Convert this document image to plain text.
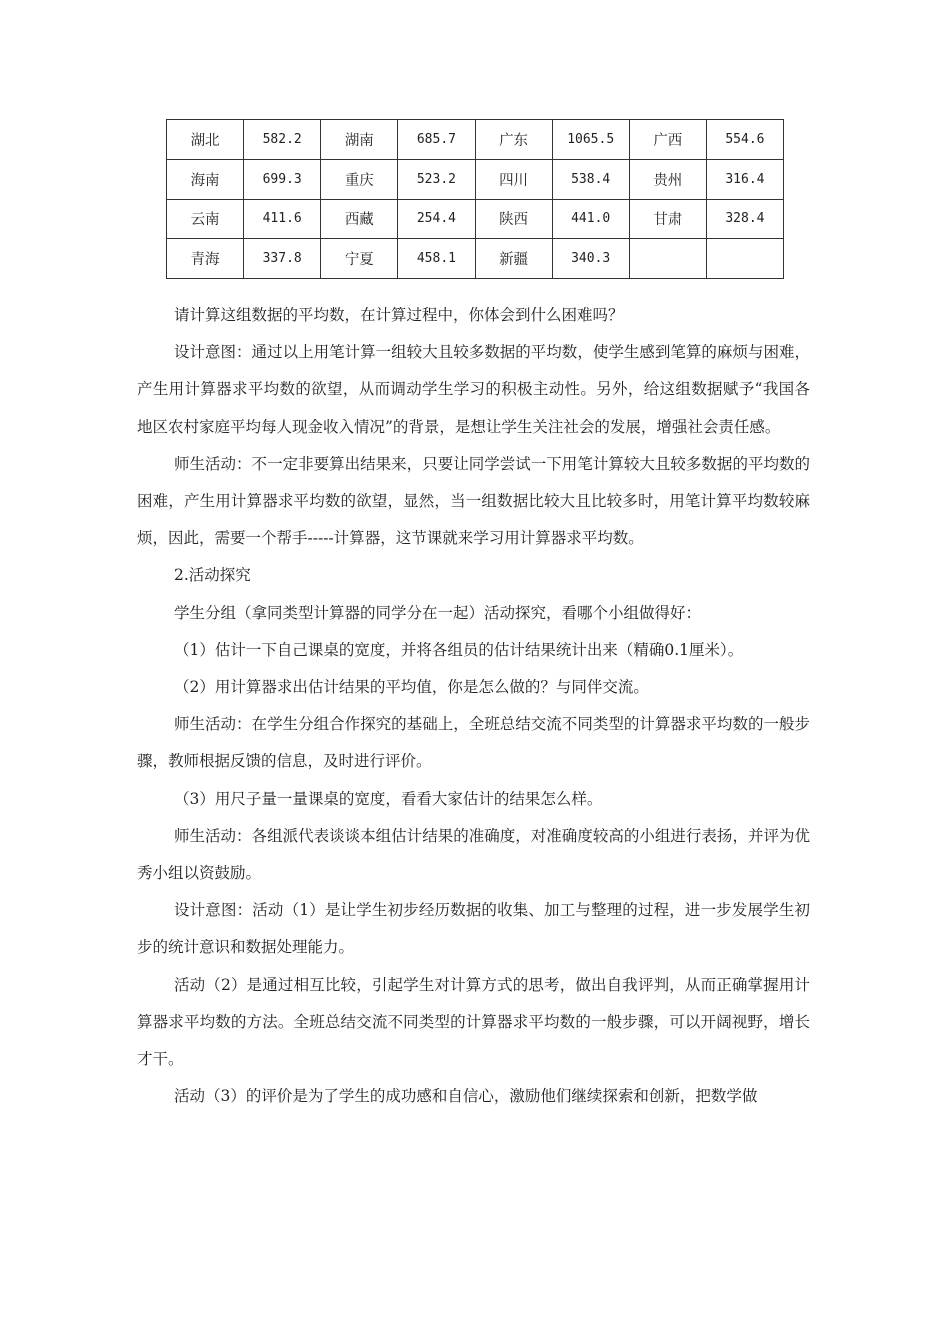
湖北	582.2	湖南	685.7	广东	1065.5	广西	554.6
海南	699.3	重庆	523.2	四川	538.4	贵州	316.4
云南	411.6	西藏	254.4	陕西	441.0	甘肃	328.4
青海	337.8	宁夏	458.1	新疆	340.3		

请计算这组数据的平均数，在计算过程中，你体会到什么困难吗？

设计意图：通过以上用笔计算一组较大且较多数据的平均数，使学生感到笔算的麻烦与困难，产生用计算器求平均数的欲望，从而调动学生学习的积极主动性。另外，给这组数据赋予“我国各地区农村家庭平均每人现金收入情况”的背景，是想让学生关注社会的发展，增强社会责任感。

师生活动：不一定非要算出结果来，只要让同学尝试一下用笔计算较大且较多数据的平均数的困难，产生用计算器求平均数的欲望，显然，当一组数据比较大且比较多时，用笔计算平均数较麻烦，因此，需要一个帮手-----计算器，这节课就来学习用计算器求平均数。

2.活动探究

学生分组（拿同类型计算器的同学分在一起）活动探究，看哪个小组做得好：

（1）估计一下自己课桌的宽度，并将各组员的估计结果统计出来（精确0.1厘米）。

（2）用计算器求出估计结果的平均值，你是怎么做的？与同伴交流。

师生活动：在学生分组合作探究的基础上，全班总结交流不同类型的计算器求平均数的一般步骤，教师根据反馈的信息，及时进行评价。

（3）用尺子量一量课桌的宽度，看看大家估计的结果怎么样。

师生活动：各组派代表谈谈本组估计结果的准确度，对准确度较高的小组进行表扬，并评为优秀小组以资鼓励。

设计意图：活动（1）是让学生初步经历数据的收集、加工与整理的过程，进一步发展学生初步的统计意识和数据处理能力。

活动（2）是通过相互比较，引起学生对计算方式的思考，做出自我评判，从而正确掌握用计算器求平均数的方法。全班总结交流不同类型的计算器求平均数的一般步骤，可以开阔视野，增长才干。

活动（3）的评价是为了学生的成功感和自信心，激励他们继续探索和创新，把数学做
